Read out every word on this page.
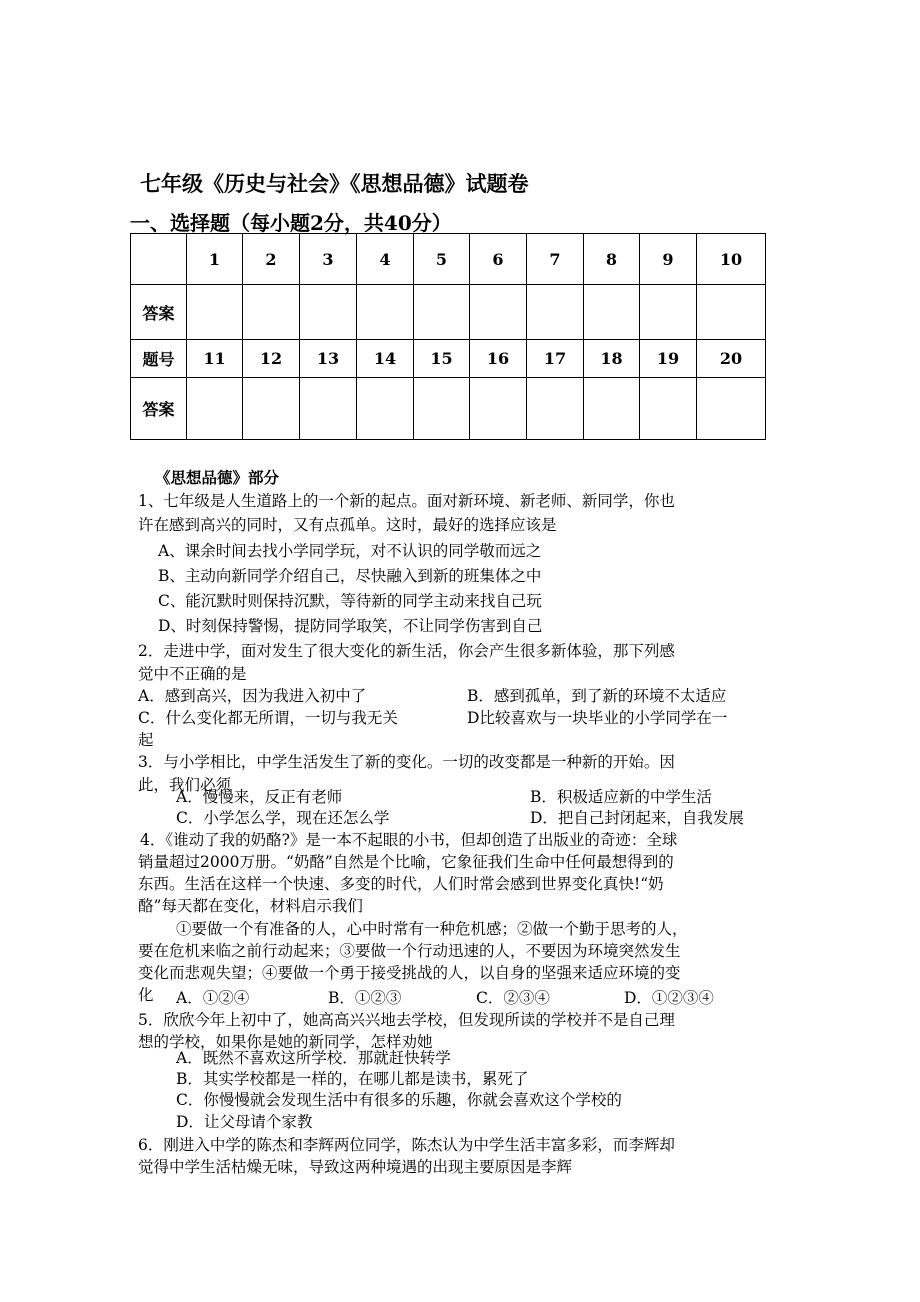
七年级《历史与社会》《思想品德》试题卷
一、选择题（每小题2分，共40分）
	1	2	3	4	5	6	7	8	9	10
答案										
题号	11	12	13	14	15	16	17	18	19	20
答案										
《思想品德》部分
1、七年级是人生道路上的一个新的起点。面对新环境、新老师、新同学，你也
许在感到高兴的同时，又有点孤单。这时，最好的选择应该是
A、课余时间去找小学同学玩，对不认识的同学敬而远之
B、主动向新同学介绍自己，尽快融入到新的班集体之中
C、能沉默时则保持沉默，等待新的同学主动来找自己玩
D、时刻保持警惕，提防同学取笑，不让同学伤害到自己
2．走进中学，面对发生了很大变化的新生活，你会产生很多新体验，那下列感
觉中不正确的是
A．感到高兴，因为我进入初中了	B．感到孤单，到了新的环境不太适应
C．什么变化都无所谓，一切与我无关	D比较喜欢与一块毕业的小学同学在一
起
3．与小学相比，中学生活发生了新的变化。一切的改变都是一种新的开始。因
此，我们必须
A．慢慢来，反正有老师	B．积极适应新的中学生活
C．小学怎么学，现在还怎么学	D．把自己封闭起来，自我发展
4．《谁动了我的奶酪?》是一本不起眼的小书，但却创造了出版业的奇迹：全球
销量超过2000万册。“奶酪”自然是个比喻，它象征我们生命中任何最想得到的
东西。生活在这样一个快速、多变的时代，人们时常会感到世界变化真快!“奶
酪”每天都在变化，材料启示我们
①要做一个有准备的人，心中时常有一种危机感；②做一个勤于思考的人，
要在危机来临之前行动起来；③要做一个行动迅速的人，不要因为环境突然发生
变化而悲观失望；④要做一个勇于接受挑战的人，以自身的坚强来适应环境的变
化 A．①②④	B．①②③	C．②③④	D．①②③④
5．欣欣今年上初中了，她高高兴兴地去学校，但发现所读的学校并不是自己理
想的学校，如果你是她的新同学，怎样劝她
A．既然不喜欢这所学校．那就赶快转学
B．其实学校都是一样的，在哪儿都是读书，累死了
C．你慢慢就会发现生活中有很多的乐趣，你就会喜欢这个学校的
D．让父母请个家教
6．刚进入中学的陈杰和李辉两位同学，陈杰认为中学生活丰富多彩，而李辉却
觉得中学生活枯燥无味，导致这两种境遇的出现主要原因是李辉
